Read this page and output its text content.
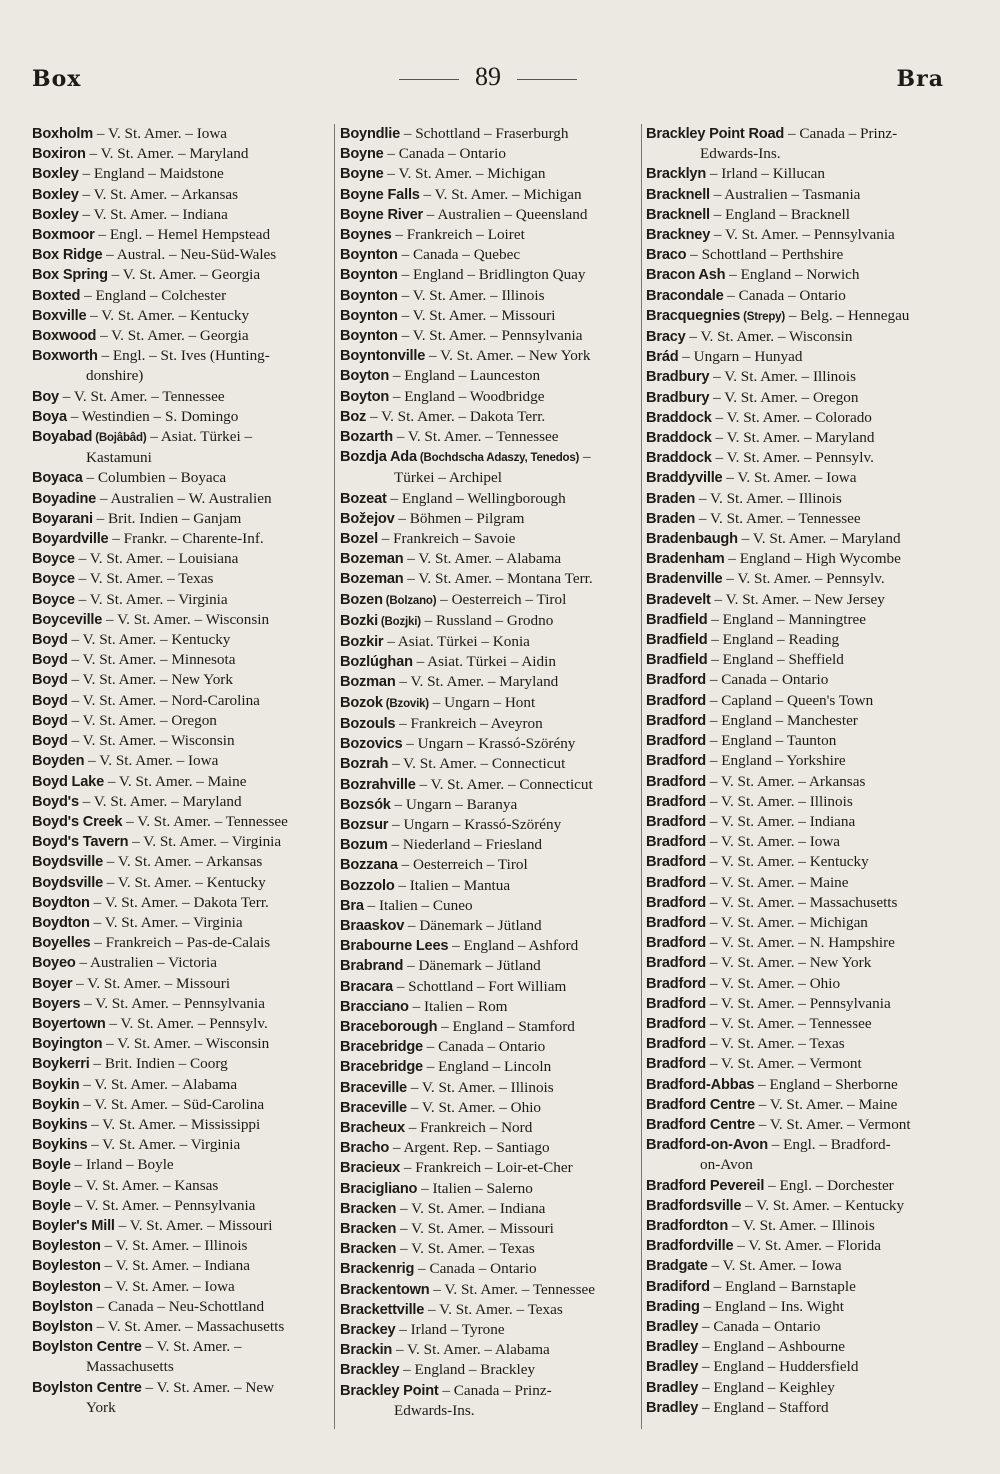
Box	89	Bra
Boxholm – V. St. Amer. – Iowa
Boxiron – V. St. Amer. – Maryland
Boxley – England – Maidstone
Boxley – V. St. Amer. – Arkansas
Boxley – V. St. Amer. – Indiana
Boxmoor – Engl. – Hemel Hempstead
Box Ridge – Austral. – Neu-Süd-Wales
Box Spring – V. St. Amer. – Georgia
Boxted – England – Colchester
Boxville – V. St. Amer. – Kentucky
Boxwood – V. St. Amer. – Georgia
Boxworth – Engl. – St. Ives (Hunting-
donshire)
Boy – V. St. Amer. – Tennessee
Boya – Westindien – S. Domingo
Boyabad (Bojâbâd) – Asiat. Türkei –
Kastamuni
Boyaca – Columbien – Boyaca
Boyadine – Australien – W. Australien
Boyarani – Brit. Indien – Ganjam
Boyardville – Frankr. – Charente-Inf.
Boyce – V. St. Amer. – Louisiana
Boyce – V. St. Amer. – Texas
Boyce – V. St. Amer. – Virginia
Boyceville – V. St. Amer. – Wisconsin
Boyd – V. St. Amer. – Kentucky
Boyd – V. St. Amer. – Minnesota
Boyd – V. St. Amer. – New York
Boyd – V. St. Amer. – Nord-Carolina
Boyd – V. St. Amer. – Oregon
Boyd – V. St. Amer. – Wisconsin
Boyden – V. St. Amer. – Iowa
Boyd Lake – V. St. Amer. – Maine
Boyd's – V. St. Amer. – Maryland
Boyd's Creek – V. St. Amer. – Tennessee
Boyd's Tavern – V. St. Amer. – Virginia
Boydsville – V. St. Amer. – Arkansas
Boydsville – V. St. Amer. – Kentucky
Boydton – V. St. Amer. – Dakota Terr.
Boydton – V. St. Amer. – Virginia
Boyelles – Frankreich – Pas-de-Calais
Boyeo – Australien – Victoria
Boyer – V. St. Amer. – Missouri
Boyers – V. St. Amer. – Pennsylvania
Boyertown – V. St. Amer. – Pennsylv.
Boyington – V. St. Amer. – Wisconsin
Boykerri – Brit. Indien – Coorg
Boykin – V. St. Amer. – Alabama
Boykin – V. St. Amer. – Süd-Carolina
Boykins – V. St. Amer. – Mississippi
Boykins – V. St. Amer. – Virginia
Boyle – Irland – Boyle
Boyle – V. St. Amer. – Kansas
Boyle – V. St. Amer. – Pennsylvania
Boyler's Mill – V. St. Amer. – Missouri
Boyleston – V. St. Amer. – Illinois
Boyleston – V. St. Amer. – Indiana
Boyleston – V. St. Amer. – Iowa
Boylston – Canada – Neu-Schottland
Boylston – V. St. Amer. – Massachusetts
Boylston Centre – V. St. Amer. –
Massachusetts
Boylston Centre – V. St. Amer. – New
York
Boyndlie – Schottland – Fraserburgh
Boyne – Canada – Ontario
Boyne – V. St. Amer. – Michigan
Boyne Falls – V. St. Amer. – Michigan
Boyne River – Australien – Queensland
Boynes – Frankreich – Loiret
Boynton – Canada – Quebec
Boynton – England – Bridlington Quay
Boynton – V. St. Amer. – Illinois
Boynton – V. St. Amer. – Missouri
Boynton – V. St. Amer. – Pennsylvania
Boyntonville – V. St. Amer. – New York
Boyton – England – Launceston
Boyton – England – Woodbridge
Boz – V. St. Amer. – Dakota Terr.
Bozarth – V. St. Amer. – Tennessee
Bozdja Ada (Bochdscha Adaszy, Tenedos) –
Türkei – Archipel
Bozeat – England – Wellingborough
Božejov – Böhmen – Pilgram
Bozel – Frankreich – Savoie
Bozeman – V. St. Amer. – Alabama
Bozeman – V. St. Amer. – Montana Terr.
Bozen (Bolzano) – Oesterreich – Tirol
Bozki (Bozjki) – Russland – Grodno
Bozkir – Asiat. Türkei – Konia
Bozlúghan – Asiat. Türkei – Aidin
Bozman – V. St. Amer. – Maryland
Bozok (Bzovik) – Ungarn – Hont
Bozouls – Frankreich – Aveyron
Bozovics – Ungarn – Krassó-Szörény
Bozrah – V. St. Amer. – Connecticut
Bozrahville – V. St. Amer. – Connecticut
Bozsók – Ungarn – Baranya
Bozsur – Ungarn – Krassó-Szörény
Bozum – Niederland – Friesland
Bozzana – Oesterreich – Tirol
Bozzolo – Italien – Mantua
Bra – Italien – Cuneo
Braaskov – Dänemark – Jütland
Brabourne Lees – England – Ashford
Brabrand – Dänemark – Jütland
Bracara – Schottland – Fort William
Bracciano – Italien – Rom
Braceborough – England – Stamford
Bracebridge – Canada – Ontario
Bracebridge – England – Lincoln
Braceville – V. St. Amer. – Illinois
Braceville – V. St. Amer. – Ohio
Bracheux – Frankreich – Nord
Bracho – Argent. Rep. – Santiago
Bracieux – Frankreich – Loir-et-Cher
Bracigliano – Italien – Salerno
Bracken – V. St. Amer. – Indiana
Bracken – V. St. Amer. – Missouri
Bracken – V. St. Amer. – Texas
Brackenrig – Canada – Ontario
Brackentown – V. St. Amer. – Tennessee
Brackettville – V. St. Amer. – Texas
Brackey – Irland – Tyrone
Brackin – V. St. Amer. – Alabama
Brackley – England – Brackley
Brackley Point – Canada – Prinz-
Edwards-Ins.
Brackley Point Road – Canada – Prinz-
Edwards-Ins.
Bracklyn – Irland – Killucan
Bracknell – Australien – Tasmania
Bracknell – England – Bracknell
Brackney – V. St. Amer. – Pennsylvania
Braco – Schottland – Perthshire
Bracon Ash – England – Norwich
Bracondale – Canada – Ontario
Bracquegnies (Strepy) – Belg. – Hennegau
Bracy – V. St. Amer. – Wisconsin
Brád – Ungarn – Hunyad
Bradbury – V. St. Amer. – Illinois
Bradbury – V. St. Amer. – Oregon
Braddock – V. St. Amer. – Colorado
Braddock – V. St. Amer. – Maryland
Braddock – V. St. Amer. – Pennsylv.
Braddyville – V. St. Amer. – Iowa
Braden – V. St. Amer. – Illinois
Braden – V. St. Amer. – Tennessee
Bradenbaugh – V. St. Amer. – Maryland
Bradenham – England – High Wycombe
Bradenville – V. St. Amer. – Pennsylv.
Bradevelt – V. St. Amer. – New Jersey
Bradfield – England – Manningtree
Bradfield – England – Reading
Bradfield – England – Sheffield
Bradford – Canada – Ontario
Bradford – Capland – Queen's Town
Bradford – England – Manchester
Bradford – England – Taunton
Bradford – England – Yorkshire
Bradford – V. St. Amer. – Arkansas
Bradford – V. St. Amer. – Illinois
Bradford – V. St. Amer. – Indiana
Bradford – V. St. Amer. – Iowa
Bradford – V. St. Amer. – Kentucky
Bradford – V. St. Amer. – Maine
Bradford – V. St. Amer. – Massachusetts
Bradford – V. St. Amer. – Michigan
Bradford – V. St. Amer. – N. Hampshire
Bradford – V. St. Amer. – New York
Bradford – V. St. Amer. – Ohio
Bradford – V. St. Amer. – Pennsylvania
Bradford – V. St. Amer. – Tennessee
Bradford – V. St. Amer. – Texas
Bradford – V. St. Amer. – Vermont
Bradford-Abbas – England – Sherborne
Bradford Centre – V. St. Amer. – Maine
Bradford Centre – V. St. Amer. – Vermont
Bradford-on-Avon – Engl. – Bradford-
on-Avon
Bradford Pevereil – Engl. – Dorchester
Bradfordsville – V. St. Amer. – Kentucky
Bradfordton – V. St. Amer. – Illinois
Bradfordville – V. St. Amer. – Florida
Bradgate – V. St. Amer. – Iowa
Bradiford – England – Barnstaple
Brading – England – Ins. Wight
Bradley – Canada – Ontario
Bradley – England – Ashbourne
Bradley – England – Huddersfield
Bradley – England – Keighley
Bradley – England – Stafford
